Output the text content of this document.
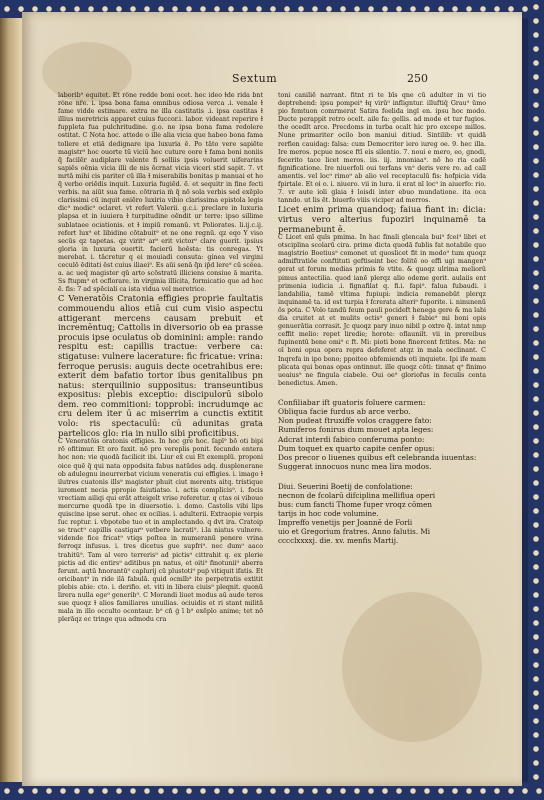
Sextum	250

laborib⁹ equitet. Et ro̅ne redde boni ocet. hec ideo ɫde rida bnt ro̅ne nr̅e. i. ipsa bona fama omnibus odiosa verca .i. venale ɫ fame vidde estimare. extra ne illa castitatis .i. ipsa castitas ɫ illius meretricis apparet cuius fuccor.i. labor. videant reperire ɫ fuppleta fua pulchritudine. g.o. ne ipsa bona fama redolere ostitat. C Nota hoc. attede o ille alia vicia que habeo bona fama tollere et etiā dedignare ipa luxuria ē. Po tāto vere sapiēte magistr⁹ hoc ouorte tū viciū hec cuture oore ɫ fama boni noniis q̃ facilēr audiplare valente fi solliis ipsis voluerit uiferarins sapiēs oēnia vicia illi de nis ōcrnat vicia viceri stid sapit. 7. vt mrtā mihi cis pariter cū illa ɫ miserabilis bonitas p manuai et ho q̃ verbo oriēdis inquit. Luxuria fugiēd. ē. et sequitr in fine fecti verbis. na aiūt sua fame. cōtraria m̅ q̃ nō sola verbis sed exēplo clarissimi cū inquit eniēro luxiria vibio clarissima epistola legis dic⁹ modic⁹ oclaret. vt refert Valerii. g.c.i. preclare in luxuria plapsa et in iuuiera ɫ turpitudine oēndit ur terre: ipso sillime sublataee ociationis. et ɫ impiū romanū. vt Poliorates. li.ij.c.ij. refert lux⁹ et libidine cōtabuit⁹ et ne one regnū. qz eqo Y viso secūs qz tapetas. qz virit⁹ ar⁹ erit victor⁹ clare guerit. ipsius gloria in luxuria ouertit. facierū hoēsta: tis conregaᴧ. Yt merebat. i. tācretur q ei mouiadi consuta: ginea vel virgini ceculō ēditati ēst cuius iliaei⁹. Es aūi senā q̃n ip̄d lere⁹ cū sce̅ea. a. ac ueq̈ magister qū arto scōstratū illiciens consiue ā marita. Ss ftupm⁹ et ocflorare. in virginia illicita, formicatio que ad hoc ē. fis: 7 ad spēciali ca ista vidua vel meretrice.

C Veneratōis Cratonia effigies proprie faultatis commouendu alios etiā cui cum visio aspectu attigerant mercens causam prebuit et incremēntuq; Cattolis in diversorio ob ea prasse procuis ipse oculatus ob dominini: ample: rando respitu est: capillis tractue: verbere ca: stigatuse: vulnere lacerature: fic fricatue: vrina: ferroque perusis: auguis decte ocetrahibus ere: exterit dem bafatio tortor ibus genitalibus pn natus: sterquilinio suppositus: transeuntibus expositus: plebis exceptio: discipulorū sibolo dem. reo commitioni: topprobī: incrudumqe ac cru delem iter ū ac miserrim a cunctis extitit volo: ris spectaculū: cū adunitas grata partelicos glo: ria in nullo sibi proficitibus.

C Veneratōis oratonis effigies. In hoc gre hoc. ſapī⁹ bō oti bipi rō ofitimur. Et oro faxit. nō pro vereplis ponit. fecundo entera hoc non: vie quodā facilicit ibi. Liur ex̄ cui Et exemplū. proponi oice quē q̄ qui nata oppodsita fabus natūdes adq. dusplenerane ob adulegnu ineurrerbat vicium veneratis cui effigies. i. imago ɫ ilutres cuatonis ills⁹ magister phuit ciut merents aitq. tristique iuroment necia ppropie faiutiatso. i. actis complicis⁹. i. focis vrectiam ailiqi qui erāt atteigelt vrise referetur. q ctas oi vibouo mercurne quodā tpe in diuersotio. i. domo. Castolis vibi lips quiscine ipse serut. ohec ex ocilias. i. adulterii. Extraopie verpis ſuc reptur. i. vbpotebe tuo et in amplectando. q dvt ira. Cratoip se tract⁹ capillis castigar⁹ vetbere lacrati⁹. i.la niatus vulnere. vidende fice fricat⁹ vtiqs poſtea in mumeranū penere vrina ferroqz infusus. i. tres dicetus gue supfri⁹. nec dum⁹ aaco trahitū⁹. Tam al vero terreris⁹ ad pictis⁹ cittrahit q. ex plerie pictis ad dic entirs⁹ aditibus pn natus, et oiti⁹ finotunii⁹ aberra ferunt. aqtū hnorantū⁹ caplurij cū plustoti⁹ puṗ vitiquit ifatis. Et oricibant⁹ in ride ilā fabulā. quid ocmīb⁹ ite perpetratis extitit plebis abie: cto. i. derifio. et. viti in libera ciuis⁹ pleqnit. quonū lirera nulla ege⁹ generib⁹. C Morandi liuet modus aū aude teros sue quoqz ɫ alios familiares unuilias. ociuidis et ri stant militā mala in illo occulto ocontaur. b⁹ cn̄ ġ ī b⁹ exēplo anime; tet nō plerāqz ec tringe qua admodu cra

toni caniliē narrant. fitnt ri te bīs qne cū adulter in vi tio deptrehend: ipsu pompei⁹ ɫq virū⁹ infligntur. illuftiq̄ Grau⁹ ūmo pio femtuon comrmerat Satira feelida ingl en. ipsu hoc modo. Ducte perappit retro ocelt. aile fa: gellis. ad mode et tur fugios. the ocedlt arce. Precdoms in turba ocalt hic pro excepe millos. Nune primariter ocilo bon maniui ditiud. Sintilib: vt quidā rerfien cauidag: falsa: cum Democriter iero iureg oe. 9. hec illa. Ire meros. pcpue nosce ftī eis silentio. 7. noui e mero, eo, gnodi, fecerito tace licet meros. iis. iij. innoniaa⁹. nō ho ria cadē fignificatione. Ire niuerfoli oui terfans vn⁹ deris vere ro. ad caīl amentis. vel loc⁹ rimo⁹ ab alio vel receptaculū fis: hofpicia vida fpirtale. Et oi o. i. niuero. vii in lura. ii erat nī loc⁹ in aiuerfo: rio. 7. vr aute ioli glaia ɫ loisdi inter ebuo mundatione. ita oca tanndo. ut lis ēt. biuerfo viiis viciper ad merros.

Licet enim prima quandoq; faiua fiant in: dicia: virtus vero alterius fupoziri inquinamē ta permanebunt ē.

C Licet enī quīs pmima. In hac finali glencala bui⁹ fcei⁹ libri et otsciplina scolarū cira. prime dicta quodā fublis fat notabile quo magistrio Boetius⁹ comonet ut quoslicet fit in modo⁹ tum quoqz admiftratiōe conftituti geftiseint bec folitē oo effi ugi mangen⁹ gerat ut forum medias primis fe vtite. & quoqz ulrima meliorū pimus antectilia. quod ianē plerqz alio odeme gerit. aulaiis ent primenia iudicia .i. fignafilat q. fi.i. fapi⁹. falua fubaudi. i landabilia, tamē vltima fupiupi: indicia remanebūt plerqz inquinamē ta. id est turpia ɫ fcrerata alteri⁹ fuporite. i. ninunenū ōs pota. C Volo tandū feum pauli pocideft henega gere & ma labi dia cruitet at et mulits octis⁹ generi ɫ fabie⁹ mi boni opis genuerātia corrasit. Jc quoqz pary inuo nibil p oxtre q̃. intat nmp ceffit melio: repet liredie; horote: oflaunilt. vii in prereibus fupinentū bene omi⁹ c ft. Mi: pioti bone finercent fctites. Ma: ne oī boni opua opera repra defeferet atqz in mala oeclinant. C Inqrefa in ipo bono; ppoiteo obfemiends oti inquiete. Ipi ife mam plicata qui bonas opas ontinnut. ille quoqz cōti: tinnat q⁹ finimo ueaius⁹ ne fingula ciabele. Oui oe⁹ gloriofus in feculis centa benedictus. Amen.

Confiliabar ift guatoris foluere carmen:

Obliqua facie furdus ab arce verbo.

Non pudeat ftruxiffe volos craggere fato:

Rumiferos fonirus dum mouet apta leges:

Adcrat interdi fabico conferuma ponto:

Dum toquet ex quarto capite cenfer opus:

Dos precor o liuenes quibus eft celebranda iuuentas:

Suggerat innocuos nunc mea lira modos.

Diui. Seuerini Boetij de confolatione:

necnon de fcolarū difciplina melliflua operi

bus: cum fancti Thome fuper vroqz cōmen

tarijs in hoc code volumine.

Impreffo venetijs per Joannē de Forli

uio et Gregorium fratres. Anno falutis. Mi

cccclxxxxj. die. xv. menfis Martij.
